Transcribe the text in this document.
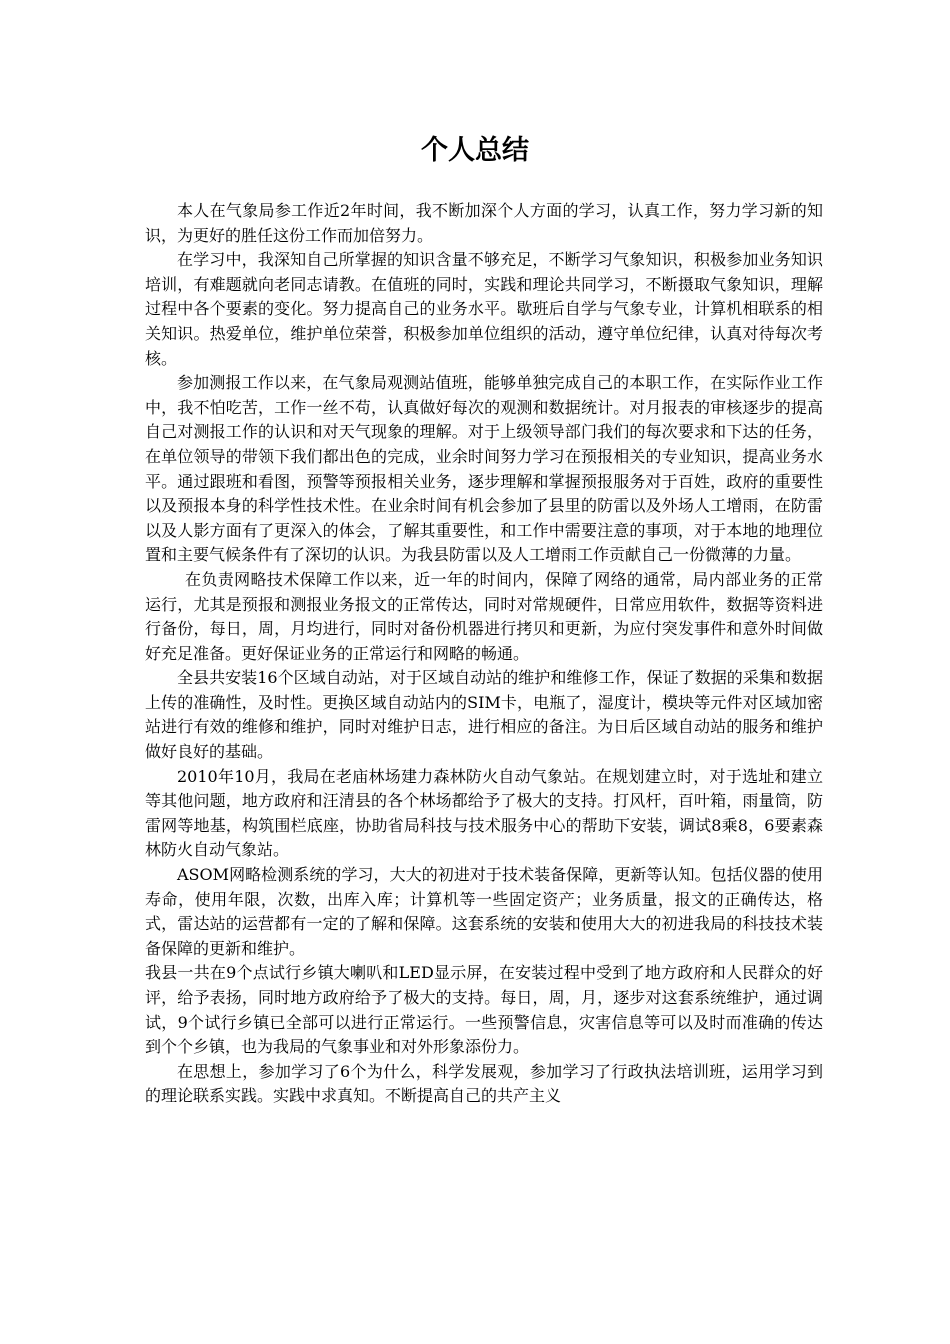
个人总结

本人在气象局参工作近2年时间，我不断加深个人方面的学习，认真工作，努力学习新的知识，为更好的胜任这份工作而加倍努力。

在学习中，我深知自己所掌握的知识含量不够充足，不断学习气象知识，积极参加业务知识培训，有难题就向老同志请教。在值班的同时，实践和理论共同学习，不断摄取气象知识，理解过程中各个要素的变化。努力提高自己的业务水平。歇班后自学与气象专业，计算机相联系的相关知识。热爱单位，维护单位荣誉，积极参加单位组织的活动，遵守单位纪律，认真对待每次考核。

参加测报工作以来，在气象局观测站值班，能够单独完成自己的本职工作，在实际作业工作中，我不怕吃苦，工作一丝不苟，认真做好每次的观测和数据统计。对月报表的审核逐步的提高自己对测报工作的认识和对天气现象的理解。对于上级领导部门我们的每次要求和下达的任务，在单位领导的带领下我们都出色的完成，业余时间努力学习在预报相关的专业知识，提高业务水平。通过跟班和看图，预警等预报相关业务，逐步理解和掌握预报服务对于百姓，政府的重要性以及预报本身的科学性技术性。在业余时间有机会参加了县里的防雷以及外场人工增雨，在防雷以及人影方面有了更深入的体会，了解其重要性，和工作中需要注意的事项，对于本地的地理位置和主要气候条件有了深切的认识。为我县防雷以及人工增雨工作贡献自己一份微薄的力量。

在负责网略技术保障工作以来，近一年的时间内，保障了网络的通常，局内部业务的正常运行，尤其是预报和测报业务报文的正常传达，同时对常规硬件，日常应用软件，数据等资料进行备份，每日，周，月均进行，同时对备份机器进行拷贝和更新，为应付突发事件和意外时间做好充足准备。更好保证业务的正常运行和网略的畅通。

全县共安装16个区域自动站，对于区域自动站的维护和维修工作，保证了数据的采集和数据上传的准确性，及时性。更换区域自动站内的SIM卡，电瓶了，湿度计，模块等元件对区域加密站进行有效的维修和维护，同时对维护日志，进行相应的备注。为日后区域自动站的服务和维护做好良好的基础。

2010年10月，我局在老庙林场建力森林防火自动气象站。在规划建立时，对于选址和建立等其他问题，地方政府和汪清县的各个林场都给予了极大的支持。打风杆，百叶箱，雨量筒，防雷网等地基，构筑围栏底座，协助省局科技与技术服务中心的帮助下安装，调试8乘8，6要素森林防火自动气象站。

ASOM网略检测系统的学习，大大的初进对于技术装备保障，更新等认知。包括仪器的使用寿命，使用年限，次数，出库入库；计算机等一些固定资产；业务质量，报文的正确传达，格式，雷达站的运营都有一定的了解和保障。这套系统的安装和使用大大的初进我局的科技技术装备保障的更新和维护。

我县一共在9个点试行乡镇大喇叭和LED显示屏，在安装过程中受到了地方政府和人民群众的好评，给予表扬，同时地方政府给予了极大的支持。每日，周，月，逐步对这套系统维护，通过调试，9个试行乡镇已全部可以进行正常运行。一些预警信息，灾害信息等可以及时而准确的传达到个个乡镇，也为我局的气象事业和对外形象添份力。

在思想上，参加学习了6个为什么，科学发展观，参加学习了行政执法培训班，运用学习到的理论联系实践。实践中求真知。不断提高自己的共产主义
